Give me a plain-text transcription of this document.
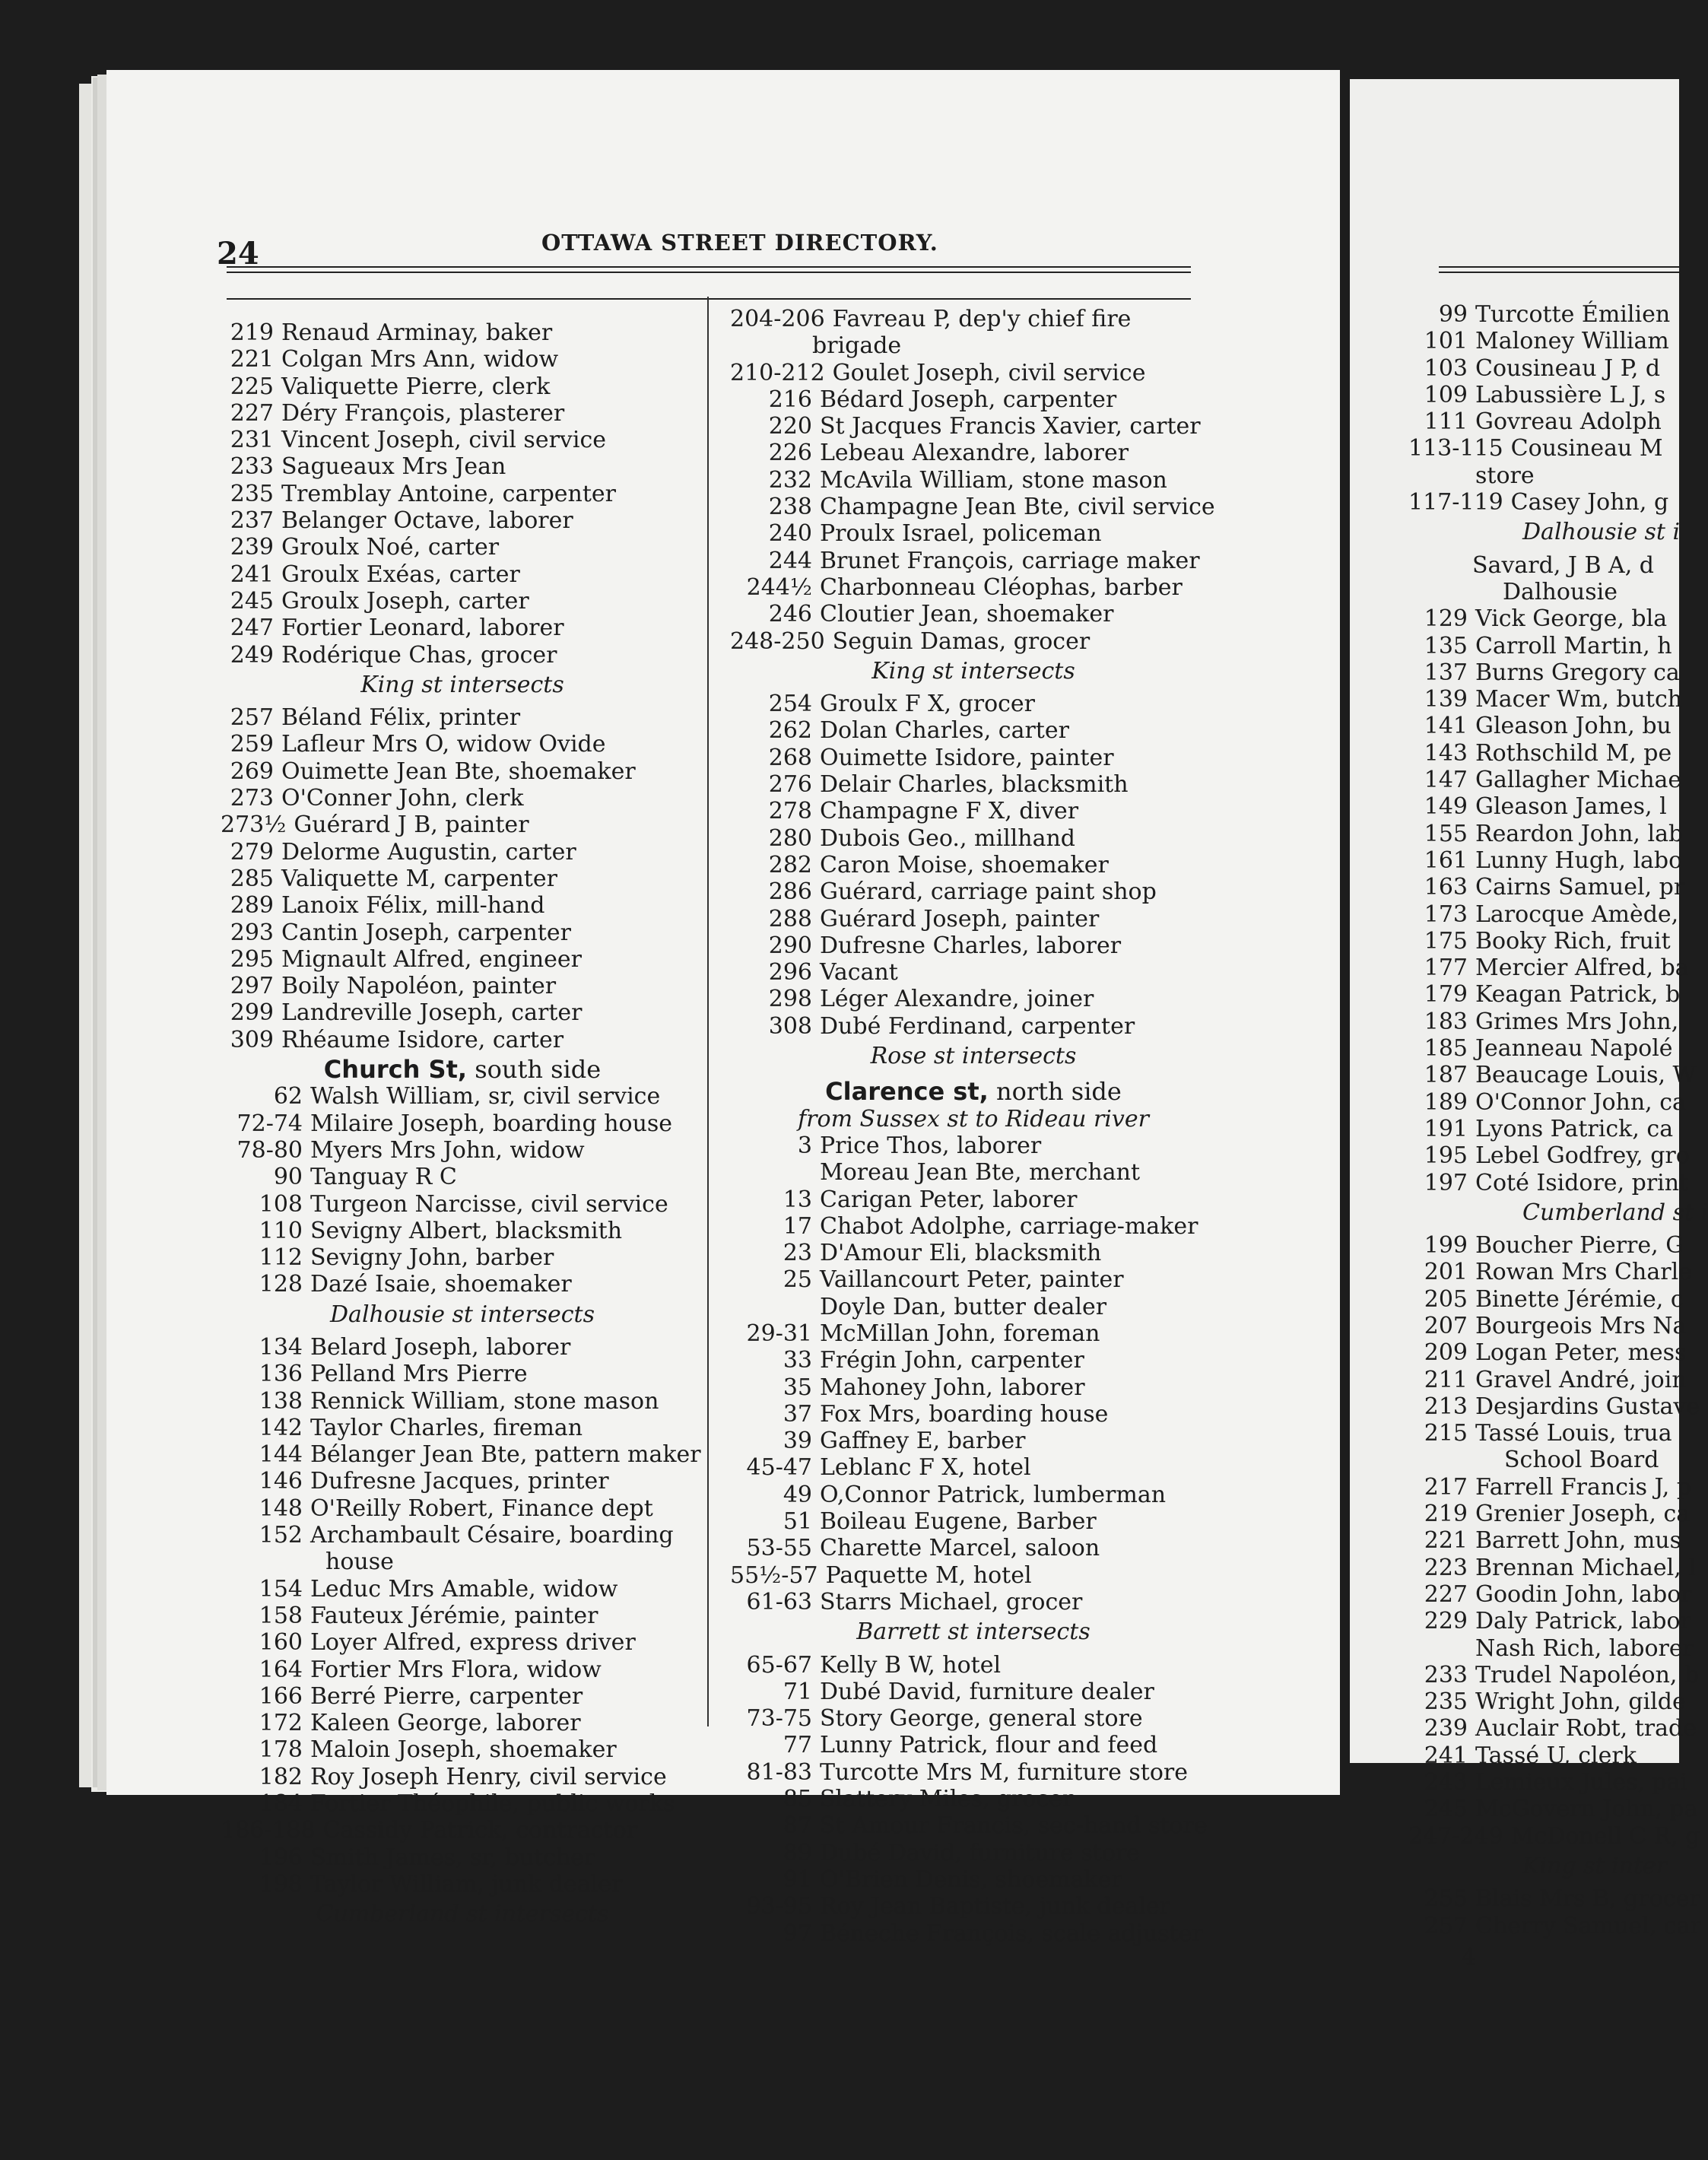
24	OTTAWA STREET DIRECTORY.
219 Renaud Arminay, baker
221 Colgan Mrs Ann, widow
225 Valiquette Pierre, clerk
227 Déry François, plasterer
231 Vincent Joseph, civil service
233 Sagueaux Mrs Jean
235 Tremblay Antoine, carpenter
237 Belanger Octave, laborer
239 Groulx Noé, carter
241 Groulx Exéas, carter
245 Groulx Joseph, carter
247 Fortier Leonard, laborer
249 Rodérique Chas, grocer
King st intersects
257 Béland Félix, printer
259 Lafleur Mrs O, widow Ovide
269 Ouimette Jean Bte, shoemaker
273 O'Conner John, clerk
273½ Guérard J B, painter
279 Delorme Augustin, carter
285 Valiquette M, carpenter
289 Lanoix Félix, mill-hand
293 Cantin Joseph, carpenter
295 Mignault Alfred, engineer
297 Boily Napoléon, painter
299 Landreville Joseph, carter
309 Rhéaume Isidore, carter
Church St, south side
62 Walsh William, sr, civil service
72-74 Milaire Joseph, boarding house
78-80 Myers Mrs John, widow
90 Tanguay R C
108 Turgeon Narcisse, civil service
110 Sevigny Albert, blacksmith
112 Sevigny John, barber
128 Dazé Isaie, shoemaker
Dalhousie st intersects
134 Belard Joseph, laborer
136 Pelland Mrs Pierre
138 Rennick William, stone mason
142 Taylor Charles, fireman
144 Bélanger Jean Bte, pattern maker
146 Dufresne Jacques, printer
148 O'Reilly Robert, Finance dept
152 Archambault Césaire, boarding
house
154 Leduc Mrs Amable, widow
158 Fauteux Jérémie, painter
160 Loyer Alfred, express driver
164 Fortier Mrs Flora, widow
166 Berré Pierre, carpenter
172 Kaleen George, laborer
178 Maloin Joseph, shoemaker
182 Roy Joseph Henry, civil service
184 Fortier Théophile, public works
186-188 Cassidy Patrick, contractor
196 Smith James, sr, butcher
198 Taylor William, junk dealer
Cumberland st intersects
204-206 Favreau P, dep'y chief fire
brigade
210-212 Goulet Joseph, civil service
216 Bédard Joseph, carpenter
220 St Jacques Francis Xavier, carter
226 Lebeau Alexandre, laborer
232 McAvila William, stone mason
238 Champagne Jean Bte, civil service
240 Proulx Israel, policeman
244 Brunet François, carriage maker
244½ Charbonneau Cléophas, barber
246 Cloutier Jean, shoemaker
248-250 Seguin Damas, grocer
King st intersects
254 Groulx F X, grocer
262 Dolan Charles, carter
268 Ouimette Isidore, painter
276 Delair Charles, blacksmith
278 Champagne F X, diver
280 Dubois Geo., millhand
282 Caron Moise, shoemaker
286 Guérard, carriage paint shop
288 Guérard Joseph, painter
290 Dufresne Charles, laborer
296 Vacant
298 Léger Alexandre, joiner
308 Dubé Ferdinand, carpenter
Rose st intersects
Clarence st, north side
from Sussex st to Rideau river
3 Price Thos, laborer
Moreau Jean Bte, merchant
13 Carigan Peter, laborer
17 Chabot Adolphe, carriage-maker
23 D'Amour Eli, blacksmith
25 Vaillancourt Peter, painter
Doyle Dan, butter dealer
29-31 McMillan John, foreman
33 Frégin John, carpenter
35 Mahoney John, laborer
37 Fox Mrs, boarding house
39 Gaffney E, barber
45-47 Leblanc F X, hotel
49 O,Connor Patrick, lumberman
51 Boileau Eugene, Barber
53-55 Charette Marcel, saloon
55½-57 Paquette M, hotel
61-63 Starrs Michael, grocer
Barrett st intersects
65-67 Kelly B W, hotel
71 Dubé David, furniture dealer
73-75 Story George, general store
77 Lunny Patrick, flour and feed
81-83 Turcotte Mrs M, furniture store
85 Slattery Miles, grocer
87 St Amour Francis, sec-hand store
89 Dubé David, furniture store
91 O'Brien Denis, shoemaker
93-95 Roy Jean Baptiste, junk dealer
97 Béneche François, scale adjuster
99 Turcotte Émilien
101 Maloney William
103 Cousineau J P, d
109 Labussière L J, s
111 Govreau Adolph
113-115 Cousineau M
store
117-119 Casey John, g
Dalhousie st i
Savard, J B A, d
Dalhousie
129 Vick George, bla
135 Carroll Martin, h
137 Burns Gregory ca
139 Macer Wm, butch
141 Gleason John, bu
143 Rothschild M, pe
147 Gallagher Michae
149 Gleason James, l
155 Reardon John, lab
161 Lunny Hugh, labo
163 Cairns Samuel, pr
173 Larocque Amède,
175 Booky Rich, fruit
177 Mercier Alfred, ba
179 Keagan Patrick, b
183 Grimes Mrs John,
185 Jeanneau Napolé
187 Beaucage Louis, W
189 O'Connor John, ca
191 Lyons Patrick, ca
195 Lebel Godfrey, gro
197 Coté Isidore, print
Cumberland st i
199 Boucher Pierre, G
201 Rowan Mrs Charle
205 Binette Jérémie, c
207 Bourgeois Mrs Na
209 Logan Peter, mess
211 Gravel André, join
213 Desjardins Gustave
215 Tassé Louis, trua
School Board
217 Farrell Francis J, p
219 Grenier Joseph, ca
221 Barrett John, mus
223 Brennan Michael, l
227 Goodin John, labor
229 Daly Patrick, labor
Nash Rich, laborer
233 Trudel Napoléon, b
235 Wright John, gilde
239 Auclair Robt, trade
241 Tassé U, clerk
243 Lemieux Jules, pai
245 McGovern John, pa
247-249 McDonell C R, g
King st inter
255 Blais Mrs B, grocer
257 Cherry Samuel, car
4
